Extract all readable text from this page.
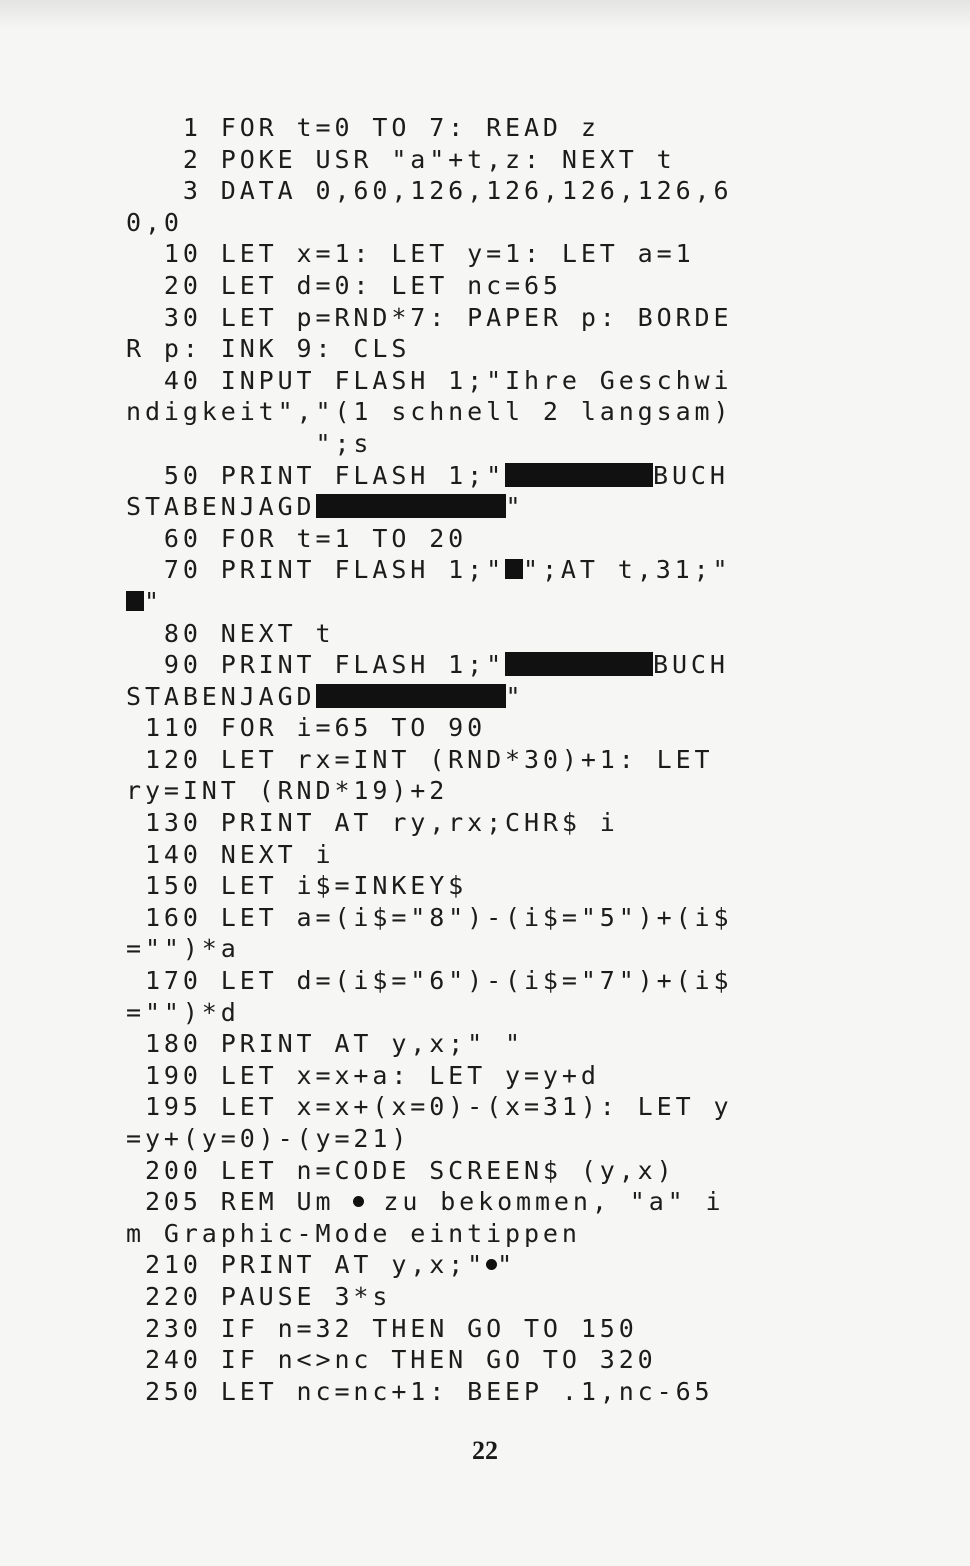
1 FOR t=0 TO 7: READ z
2 POKE USR "a"+t,z: NEXT t
3 DATA 0,60,126,126,126,126,6
0,0
10 LET x=1: LET y=1: LET a=1
20 LET d=0: LET nc=65
30 LET p=RND*7: PAPER p: BORDE
R p: INK 9: CLS
40 INPUT FLASH 1;"Ihre Geschwi
ndigkeit","(1 schnell 2 langsam)
";s
50 PRINT FLASH 1;"	BUCH
STABENJAGD	"
60 FOR t=1 TO 20
70 PRINT FLASH 1;" ";AT t,31;"
"
80 NEXT t
90 PRINT FLASH 1;"	BUCH
STABENJAGD	"
110 FOR i=65 TO 90
120 LET rx=INT (RND*30)+1: LET
ry=INT (RND*19)+2
130 PRINT AT ry,rx;CHR$ i
140 NEXT i
150 LET i$=INKEY$
160 LET a=(i$="8")-(i$="5")+(i$
="")*a
170 LET d=(i$="6")-(i$="7")+(i$
="")*d
180 PRINT AT y,x;" "
190 LET x=x+a: LET y=y+d
195 LET x=x+(x=0)-(x=31): LET y
=y+(y=0)-(y=21)
200 LET n=CODE SCREEN$ (y,x)
205 REM Um  zu bekommen, "a" i
m Graphic-Mode eintippen
210 PRINT AT y,x;" "
220 PAUSE 3*s
230 IF n=32 THEN GO TO 150
240 IF n<>nc THEN GO TO 320
250 LET nc=nc+1: BEEP .1,nc-65
22
